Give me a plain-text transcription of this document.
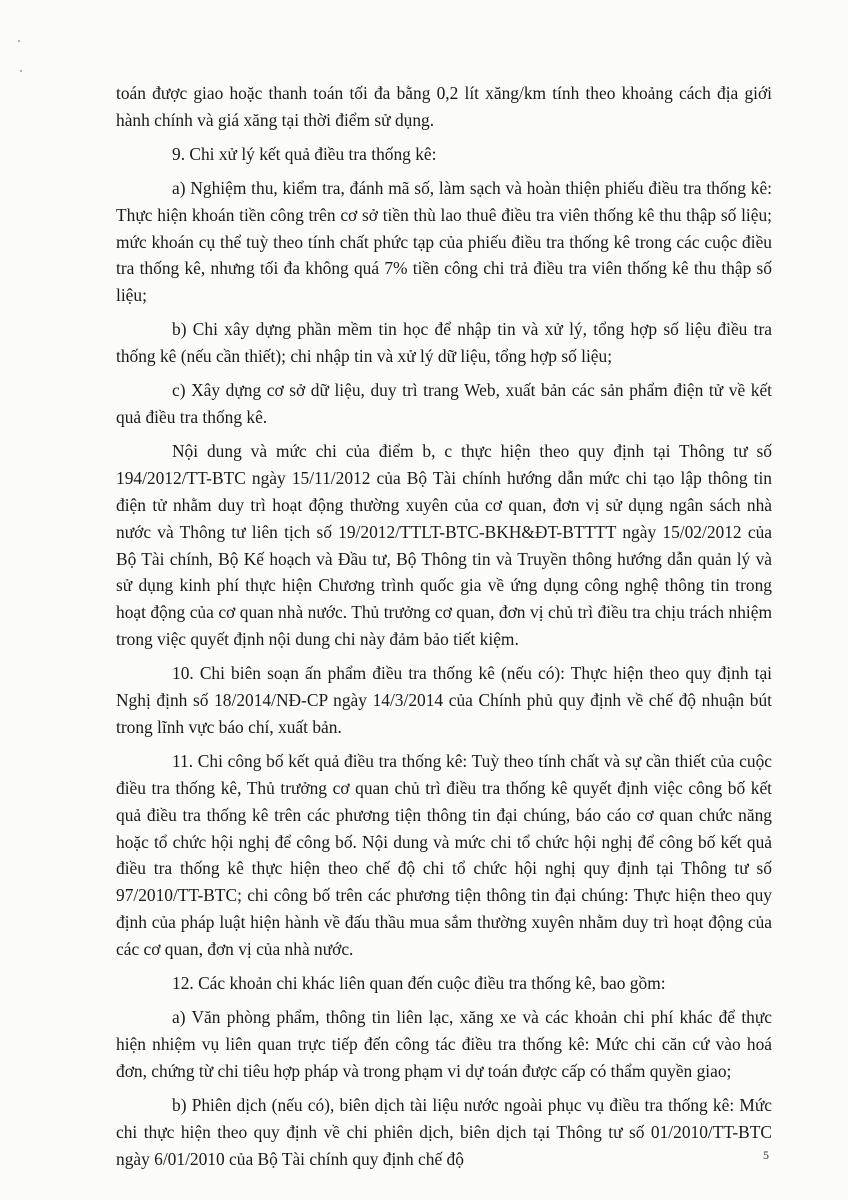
toán được giao hoặc thanh toán tối đa bằng 0,2 lít xăng/km tính theo khoảng cách địa giới hành chính và giá xăng tại thời điểm sử dụng.

9. Chi xử lý kết quả điều tra thống kê:

a) Nghiệm thu, kiểm tra, đánh mã số, làm sạch và hoàn thiện phiếu điều tra thống kê: Thực hiện khoán tiền công trên cơ sở tiền thù lao thuê điều tra viên thống kê thu thập số liệu; mức khoán cụ thể tuỳ theo tính chất phức tạp của phiếu điều tra thống kê trong các cuộc điều tra thống kê, nhưng tối đa không quá 7% tiền công chi trả điều tra viên thống kê thu thập số liệu;

b) Chi xây dựng phần mềm tin học để nhập tin và xử lý, tổng hợp số liệu điều tra thống kê (nếu cần thiết); chi nhập tin và xử lý dữ liệu, tổng hợp số liệu;

c) Xây dựng cơ sở dữ liệu, duy trì trang Web, xuất bản các sản phẩm điện tử về kết quả điều tra thống kê.

Nội dung và mức chi của điểm b, c thực hiện theo quy định tại Thông tư số 194/2012/TT-BTC ngày 15/11/2012 của Bộ Tài chính hướng dẫn mức chi tạo lập thông tin điện tử nhằm duy trì hoạt động thường xuyên của cơ quan, đơn vị sử dụng ngân sách nhà nước và Thông tư liên tịch số 19/2012/TTLT-BTC-BKH&ĐT-BTTTT ngày 15/02/2012 của Bộ Tài chính, Bộ Kế hoạch và Đầu tư, Bộ Thông tin và Truyền thông hướng dẫn quản lý và sử dụng kinh phí thực hiện Chương trình quốc gia về ứng dụng công nghệ thông tin trong hoạt động của cơ quan nhà nước. Thủ trưởng cơ quan, đơn vị chủ trì điều tra chịu trách nhiệm trong việc quyết định nội dung chi này đảm bảo tiết kiệm.

10. Chi biên soạn ấn phẩm điều tra thống kê (nếu có): Thực hiện theo quy định tại Nghị định số 18/2014/NĐ-CP ngày 14/3/2014 của Chính phủ quy định về chế độ nhuận bút trong lĩnh vực báo chí, xuất bản.

11. Chi công bố kết quả điều tra thống kê: Tuỳ theo tính chất và sự cần thiết của cuộc điều tra thống kê, Thủ trưởng cơ quan chủ trì điều tra thống kê quyết định việc công bố kết quả điều tra thống kê trên các phương tiện thông tin đại chúng, báo cáo cơ quan chức năng hoặc tổ chức hội nghị để công bố. Nội dung và mức chi tổ chức hội nghị để công bố kết quả điều tra thống kê thực hiện theo chế độ chi tổ chức hội nghị quy định tại Thông tư số 97/2010/TT-BTC; chi công bố trên các phương tiện thông tin đại chúng: Thực hiện theo quy định của pháp luật hiện hành về đấu thầu mua sắm thường xuyên nhằm duy trì hoạt động của các cơ quan, đơn vị của nhà nước.

12. Các khoản chi khác liên quan đến cuộc điều tra thống kê, bao gồm:

a) Văn phòng phẩm, thông tin liên lạc, xăng xe và các khoản chi phí khác để thực hiện nhiệm vụ liên quan trực tiếp đến công tác điều tra thống kê: Mức chi căn cứ vào hoá đơn, chứng từ chi tiêu hợp pháp và trong phạm vi dự toán được cấp có thẩm quyền giao;

b) Phiên dịch (nếu có), biên dịch tài liệu nước ngoài phục vụ điều tra thống kê: Mức chi thực hiện theo quy định về chi phiên dịch, biên dịch tại Thông tư số 01/2010/TT-BTC ngày 6/01/2010 của Bộ Tài chính quy định chế độ	5
